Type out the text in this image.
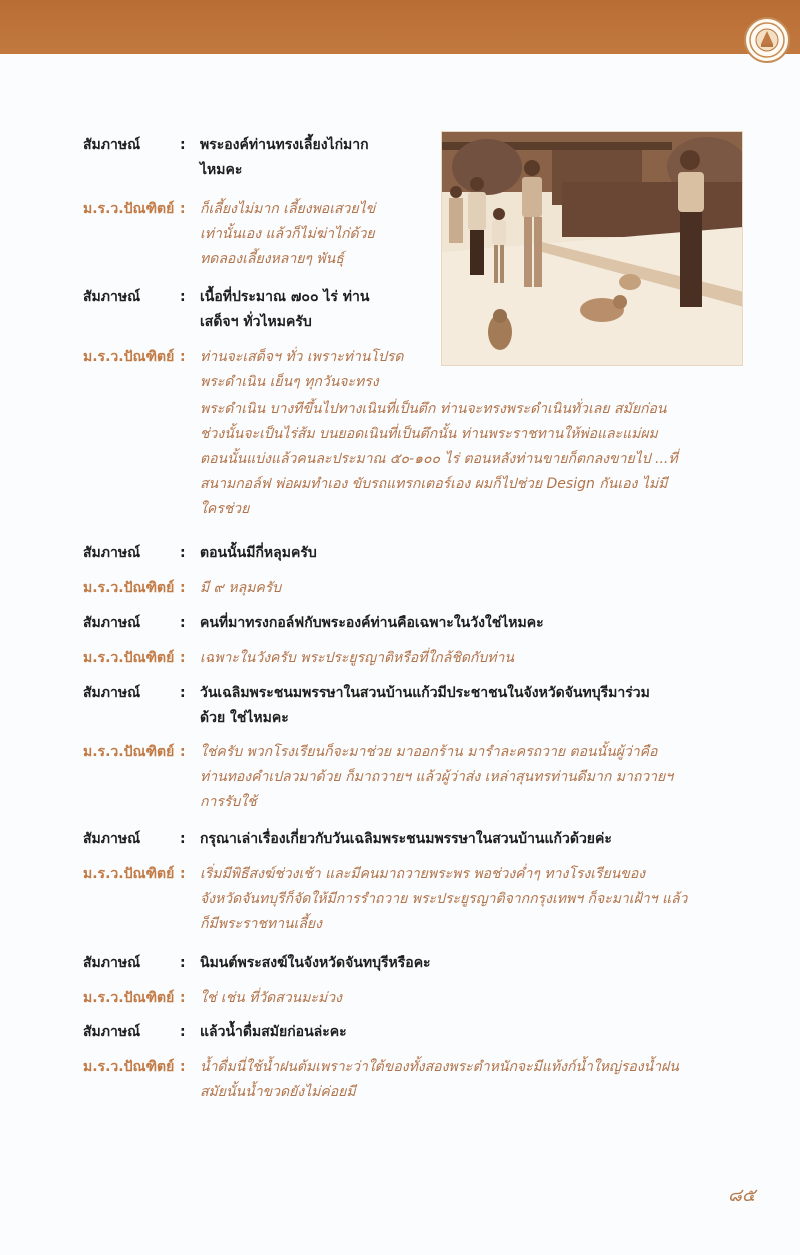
สัมภาษณ์	:	พระองค์ท่านทรงเลี้ยงไก่มาก
ไหมคะ
ม.ร.ว.ปัณฑิตย์ :	ก็เลี้ยงไม่มาก เลี้ยงพอเสวยไข่
เท่านั้นเอง แล้วก็ไม่ฆ่าไก่ด้วย
ทดลองเลี้ยงหลายๆ พันธุ์
สัมภาษณ์	:	เนื้อที่ประมาณ ๗๐๐ ไร่ ท่าน
เสด็จฯ ทั่วไหมครับ
ม.ร.ว.ปัณฑิตย์ :	ท่านจะเสด็จฯ ทั่ว เพราะท่านโปรด
พระดำเนิน เย็นๆ ทุกวันจะทรง
พระดำเนิน บางทีขึ้นไปทางเนินที่เป็นตึก ท่านจะทรงพระดำเนินทั่วเลย สมัยก่อน
ช่วงนั้นจะเป็นไร่ส้ม บนยอดเนินที่เป็นตึกนั้น ท่านพระราชทานให้พ่อและแม่ผม
ตอนนั้นแบ่งแล้วคนละประมาณ ๕๐-๑๐๐ ไร่ ตอนหลังท่านขายก็ตกลงขายไป ...ที่
สนามกอล์ฟ พ่อผมทำเอง ขับรถแทรกเตอร์เอง ผมก็ไปช่วย Design กันเอง ไม่มี
ใครช่วย
สัมภาษณ์	:	ตอนนั้นมีกี่หลุมครับ
ม.ร.ว.ปัณฑิตย์ :	มี ๙ หลุมครับ
สัมภาษณ์	:	คนที่มาทรงกอล์ฟกับพระองค์ท่านคือเฉพาะในวังใช่ไหมคะ
ม.ร.ว.ปัณฑิตย์ :	เฉพาะในวังครับ พระประยูรญาติหรือที่ใกล้ชิดกับท่าน
สัมภาษณ์	:	วันเฉลิมพระชนมพรรษาในสวนบ้านแก้วมีประชาชนในจังหวัดจันทบุรีมาร่วม
ด้วย ใช่ไหมคะ
ม.ร.ว.ปัณฑิตย์ :	ใช่ครับ พวกโรงเรียนก็จะมาช่วย มาออกร้าน มารำละครถวาย ตอนนั้นผู้ว่าคือ
ท่านทองคำเปลวมาด้วย ก็มาถวายฯ แล้วผู้ว่าส่ง เหล่าสุนทรท่านดีมาก มาถวายฯ
การรับใช้
สัมภาษณ์	:	กรุณาเล่าเรื่องเกี่ยวกับวันเฉลิมพระชนมพรรษาในสวนบ้านแก้วด้วยค่ะ
ม.ร.ว.ปัณฑิตย์ :	เริ่มมีพิธีสงฆ์ช่วงเช้า และมีคนมาถวายพระพร พอช่วงค่ำๆ ทางโรงเรียนของ
จังหวัดจันทบุรีก็จัดให้มีการรำถวาย พระประยูรญาติจากกรุงเทพฯ ก็จะมาเฝ้าฯ แล้ว
ก็มีพระราชทานเลี้ยง
สัมภาษณ์	:	นิมนต์พระสงฆ์ในจังหวัดจันทบุรีหรือคะ
ม.ร.ว.ปัณฑิตย์ :	ใช่ เช่น ที่วัดสวนมะม่วง
สัมภาษณ์	:	แล้วน้ำดื่มสมัยก่อนล่ะคะ
ม.ร.ว.ปัณฑิตย์ :	น้ำดื่มนี่ใช้น้ำฝนต้มเพราะว่าใต้ของทั้งสองพระตำหนักจะมีแท้งก์น้ำใหญ่รองน้ำฝน
สมัยนั้นน้ำขวดยังไม่ค่อยมี
๘๕
